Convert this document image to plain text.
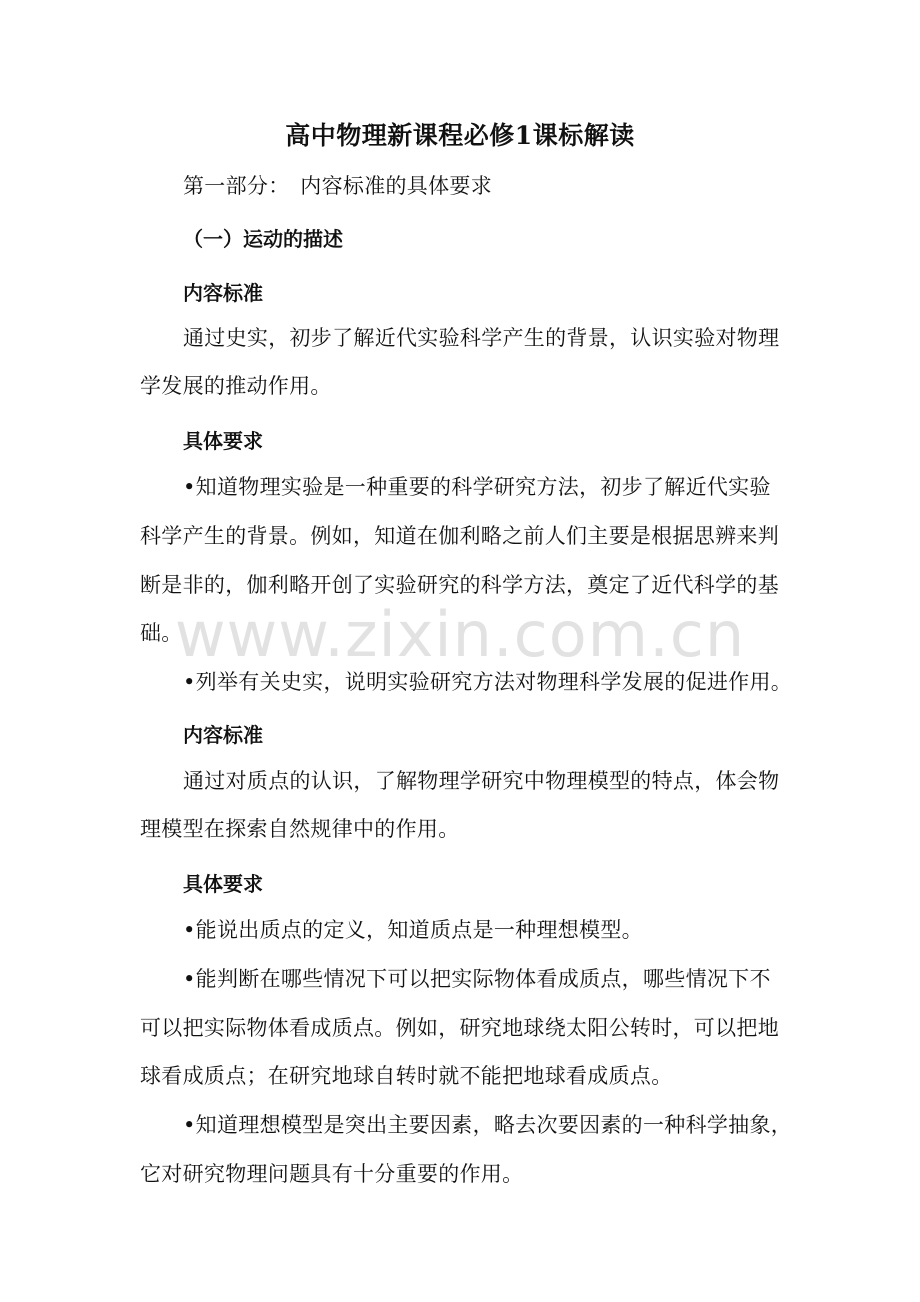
高中物理新课程必修1课标解读
第一部分：　内容标准的具体要求
（一）运动的描述
内容标准
通过史实，初步了解近代实验科学产生的背景，认识实验对物理
学发展的推动作用。
具体要求
•知道物理实验是一种重要的科学研究方法，初步了解近代实验
科学产生的背景。例如，知道在伽利略之前人们主要是根据思辨来判
断是非的，伽利略开创了实验研究的科学方法，奠定了近代科学的基
础。
•列举有关史实，说明实验研究方法对物理科学发展的促进作用。
内容标准
通过对质点的认识，了解物理学研究中物理模型的特点，体会物
理模型在探索自然规律中的作用。
具体要求
•能说出质点的定义，知道质点是一种理想模型。
•能判断在哪些情况下可以把实际物体看成质点，哪些情况下不
可以把实际物体看成质点。例如，研究地球绕太阳公转时，可以把地
球看成质点；在研究地球自转时就不能把地球看成质点。
•知道理想模型是突出主要因素，略去次要因素的一种科学抽象，
它对研究物理问题具有十分重要的作用。
www.zixin.com.cn
